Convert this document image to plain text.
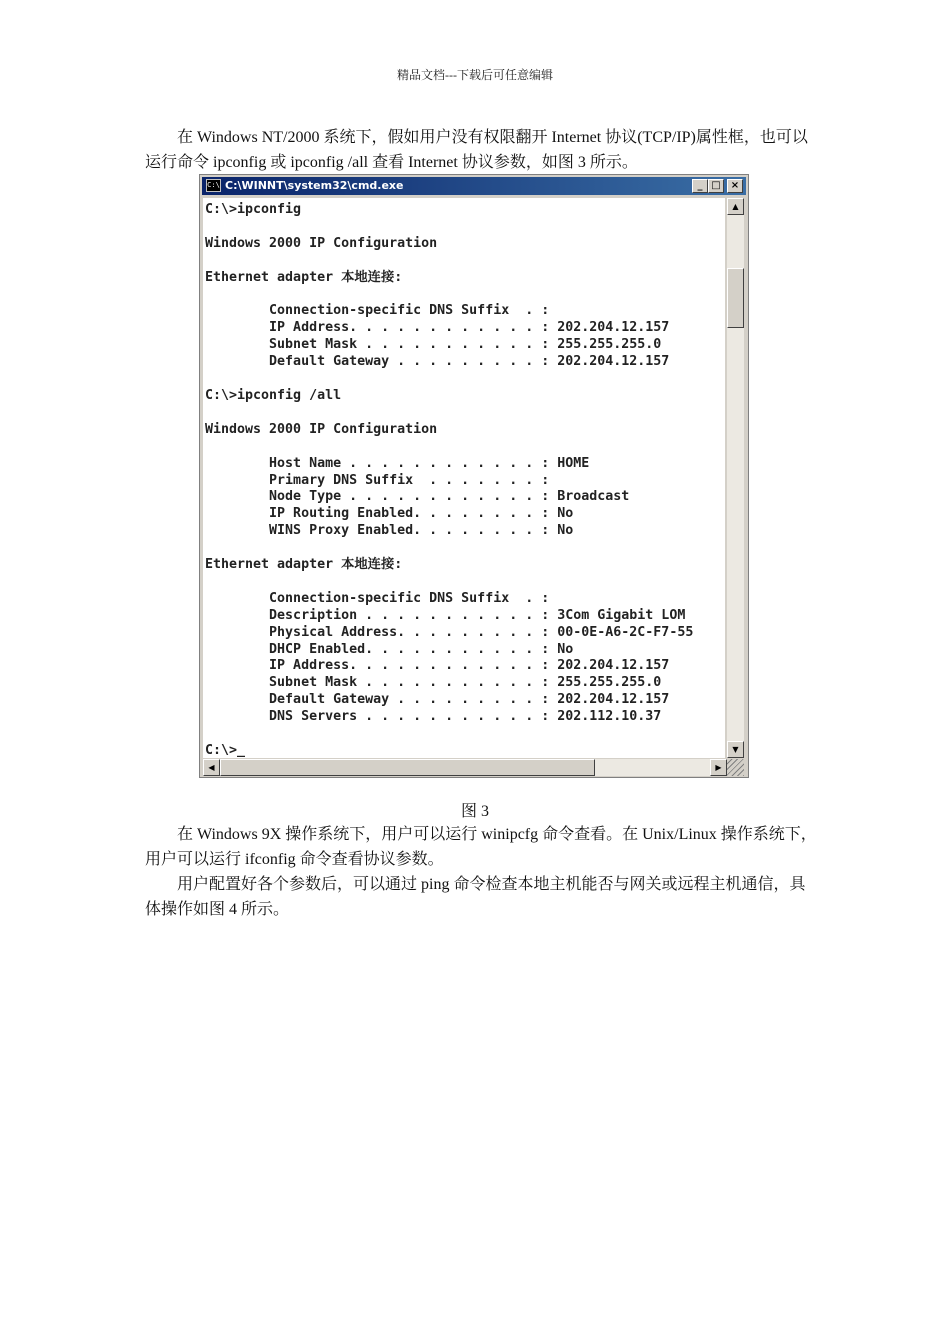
精品文档---下载后可任意编辑

在 Windows NT/2000 系统下，假如用户没有权限翻开 Internet 协议(TCP/IP)属性框，也可以运行命令 ipconfig 或 ipconfig /all 查看 Internet 协议参数，如图 3 所示。

C:\ C:\WINNT\system32\cmd.exe	_ □	×
C:\>ipconfig

Windows 2000 IP Configuration

Ethernet adapter 本地连接:

Connection-specific DNS Suffix  . :
IP Address. . . . . . . . . . . . : 202.204.12.157
Subnet Mask . . . . . . . . . . . : 255.255.255.0
Default Gateway . . . . . . . . . : 202.204.12.157

C:\>ipconfig /all

Windows 2000 IP Configuration

Host Name . . . . . . . . . . . . : HOME
Primary DNS Suffix  . . . . . . . :
Node Type . . . . . . . . . . . . : Broadcast
IP Routing Enabled. . . . . . . . : No
WINS Proxy Enabled. . . . . . . . : No

Ethernet adapter 本地连接:

Connection-specific DNS Suffix  . :
Description . . . . . . . . . . . : 3Com Gigabit LOM
Physical Address. . . . . . . . . : 00-0E-A6-2C-F7-55
DHCP Enabled. . . . . . . . . . . : No
IP Address. . . . . . . . . . . . : 202.204.12.157
Subnet Mask . . . . . . . . . . . : 255.255.255.0
Default Gateway . . . . . . . . . : 202.204.12.157
DNS Servers . . . . . . . . . . . : 202.112.10.37

C:\>_
▲
▼
◀	▶
图 3

在 Windows 9X 操作系统下，用户可以运行 winipcfg 命令查看。在 Unix/Linux 操作系统下，用户可以运行 ifconfig 命令查看协议参数。

用户配置好各个参数后，可以通过 ping 命令检查本地主机能否与网关或远程主机通信，具体操作如图 4 所示。
